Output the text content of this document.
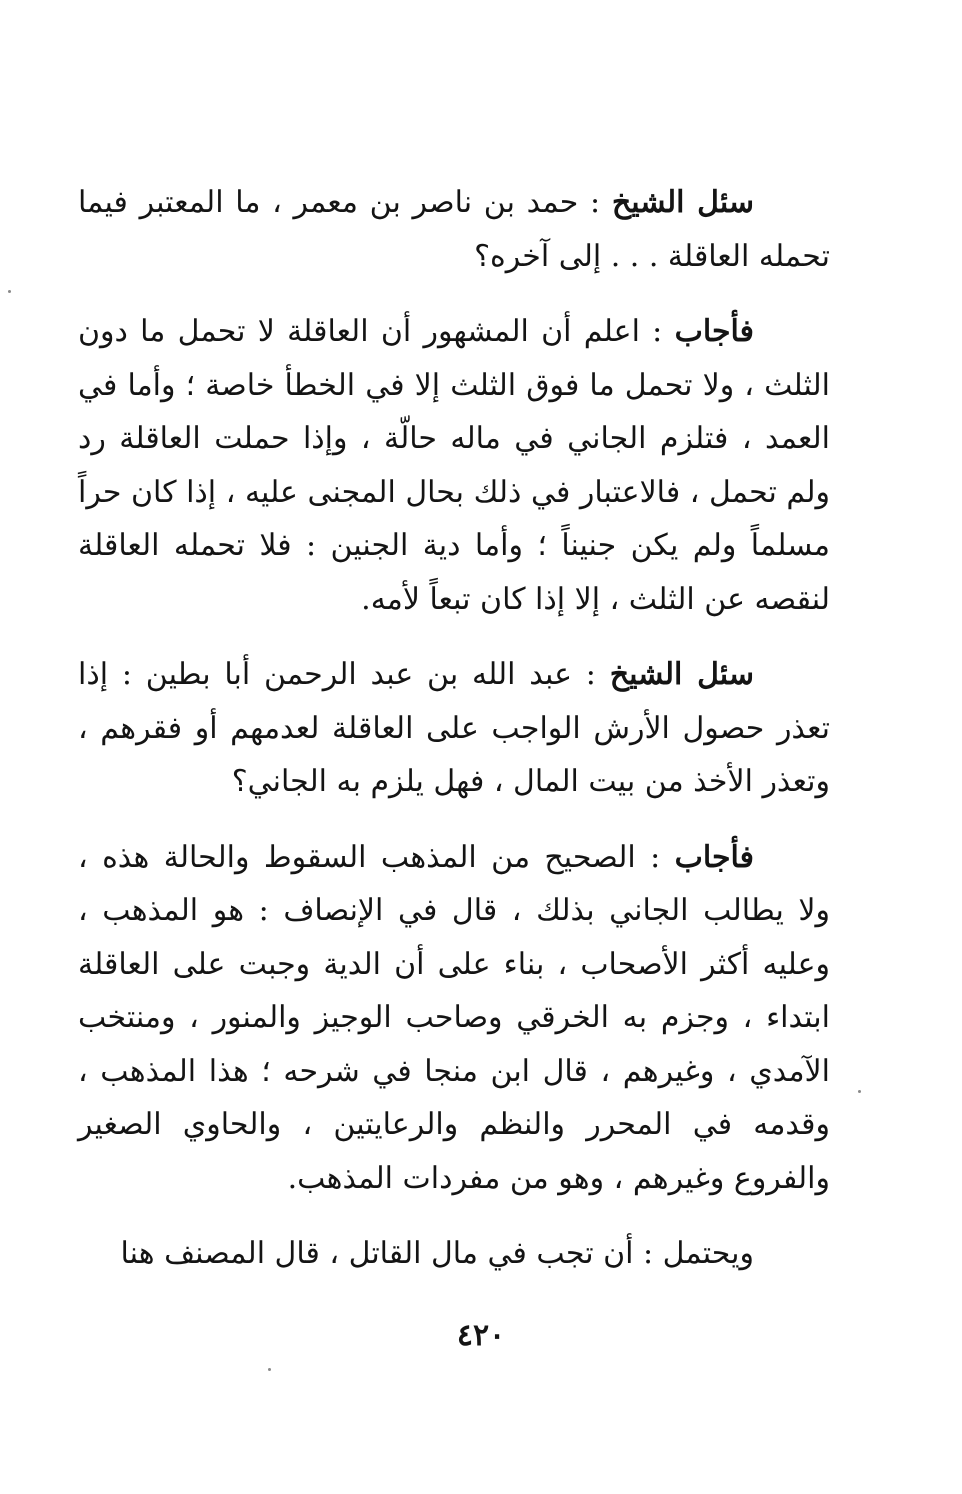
سئل الشيخ : حمد بن ناصر بن معمر ، ما المعتبر فيما تحمله العاقلة . . . إلى آخره؟

فأجاب : اعلم أن المشهور أن العاقلة لا تحمل ما دون الثلث ، ولا تحمل ما فوق الثلث إلا في الخطأ خاصة ؛ وأما في العمد ، فتلزم الجاني في ماله حالّة ، وإذا حملت العاقلة رد ولم تحمل ، فالاعتبار في ذلك بحال المجنى عليه ، إذا كان حراً مسلماً ولم يكن جنيناً ؛ وأما دية الجنين : فلا تحمله العاقلة لنقصه عن الثلث ، إلا إذا كان تبعاً لأمه.

سئل الشيخ : عبد الله بن عبد الرحمن أبا بطين : إذا تعذر حصول الأرش الواجب على العاقلة لعدمهم أو فقرهم ، وتعذر الأخذ من بيت المال ، فهل يلزم به الجاني؟

فأجاب : الصحيح من المذهب السقوط والحالة هذه ، ولا يطالب الجاني بذلك ، قال في الإنصاف : هو المذهب ، وعليه أكثر الأصحاب ، بناء على أن الدية وجبت على العاقلة ابتداء ، وجزم به الخرقي وصاحب الوجيز والمنور ، ومنتخب الآمدي ، وغيرهم ، قال ابن منجا في شرحه ؛ هذا المذهب ، وقدمه في المحرر والنظم والرعايتين ، والحاوي الصغير والفروع وغيرهم ، وهو من مفردات المذهب.

ويحتمل : أن تجب في مال القاتل ، قال المصنف هنا

٤٢٠
